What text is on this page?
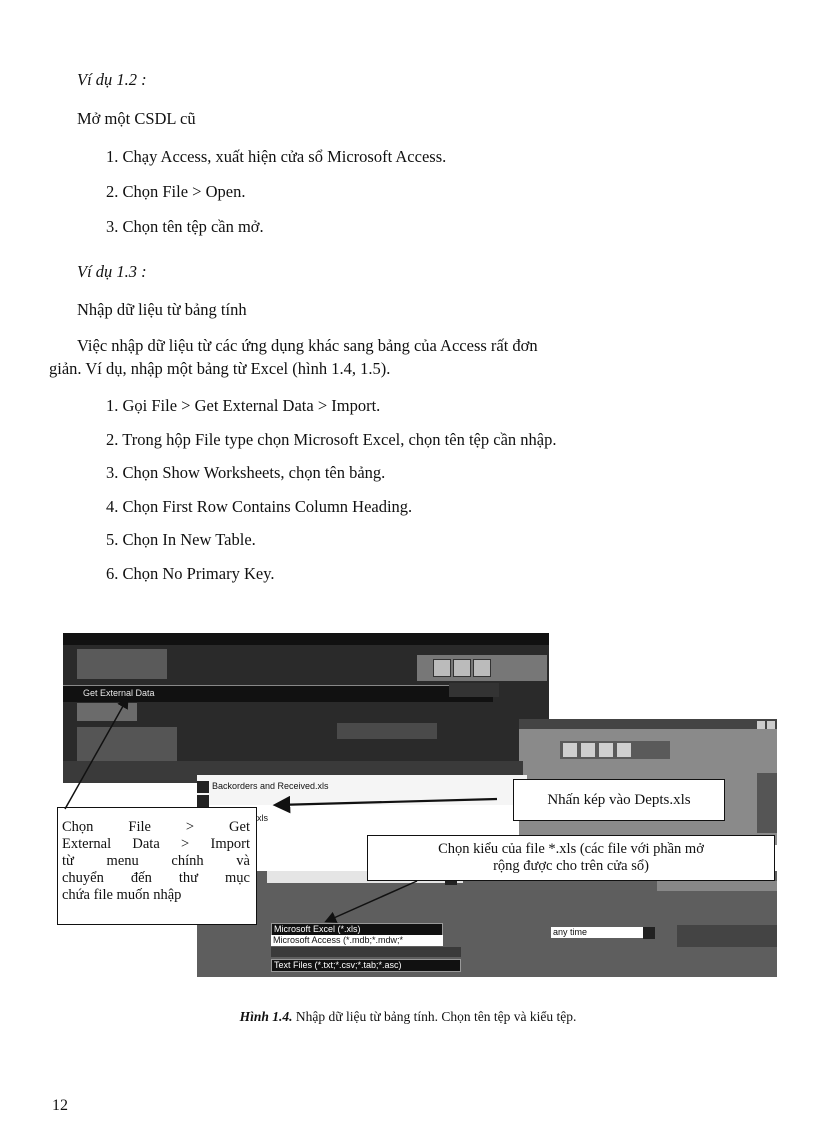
Ví dụ 1.2 :
Mở một CSDL cũ
1. Chạy Access, xuất hiện cửa sổ Microsoft Access.
2. Chọn File > Open.
3. Chọn tên tệp cần mở.
Ví dụ 1.3 :
Nhập dữ liệu từ bảng tính
Việc nhập dữ liệu từ các ứng dụng khác sang bảng của Access rất đơn
giản. Ví dụ, nhập một bảng từ Excel (hình 1.4, 1.5).
1. Gọi File > Get External Data > Import.
2. Trong hộp File type chọn Microsoft Excel, chọn tên tệp cần nhập.
3. Chọn Show Worksheets, chọn tên bảng.
4. Chọn First Row Contains Column Heading.
5. Chọn In New Table.
6. Chọn No Primary Key.
Get External Data
Backorders and Received.xls
xls
Microsoft Excel (*.xls)
Microsoft Access (*.mdb;*.mdw;*
Text Files (*.txt;*.csv;*.tab;*.asc)
any time
Chọn File > Get
External Data > Import
từ menu chính và
chuyển đến thư mục
chứa file muốn nhập
Nhấn kép vào Depts.xls
Chọn kiểu của file *.xls (các file với phần mở
rộng được cho trên cửa sổ)
Hình 1.4. Nhập dữ liệu từ bảng tính. Chọn tên tệp và kiểu tệp.
12
